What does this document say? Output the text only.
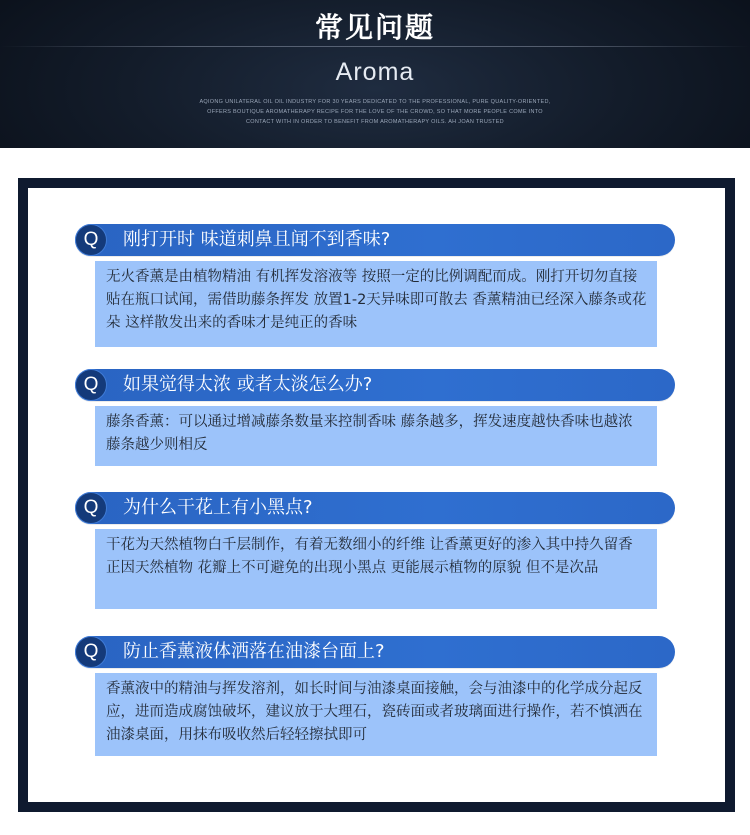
常见问题
Aroma
AQIONG UNILATERAL OIL OIL INDUSTRY FOR 30 YEARS DEDICATED TO THE PROFESSIONAL, PURE QUALITY-ORIENTED,
OFFERS BOUTIQUE AROMATHERAPY RECIPE FOR THE LOVE OF THE CROWD, SO THAT MORE PEOPLE COME INTO
CONTACT WITH IN ORDER TO BENEFIT FROM AROMATHERAPY OILS. AH JOAN TRUSTED
Q	刚打开时 味道刺鼻且闻不到香味?
无火香薰是由植物精油 有机挥发溶液等 按照一定的比例调配而成。刚打开切勿直接贴在瓶口试闻，需借助藤条挥发 放置1-2天异味即可散去 香薰精油已经深入藤条或花朵 这样散发出来的香味才是纯正的香味
Q	如果觉得太浓 或者太淡怎么办?
藤条香薰：可以通过增减藤条数量来控制香味 藤条越多，挥发速度越快香味也越浓 藤条越少则相反
Q	为什么干花上有小黑点?
干花为天然植物白千层制作，有着无数细小的纤维 让香薰更好的渗入其中持久留香 正因天然植物 花瓣上不可避免的出现小黑点 更能展示植物的原貌 但不是次品
Q	防止香薰液体洒落在油漆台面上?
香薰液中的精油与挥发溶剂，如长时间与油漆桌面接触，会与油漆中的化学成分起反应，进而造成腐蚀破坏，建议放于大理石，瓷砖面或者玻璃面进行操作，若不慎洒在油漆桌面，用抹布吸收然后轻轻擦拭即可
